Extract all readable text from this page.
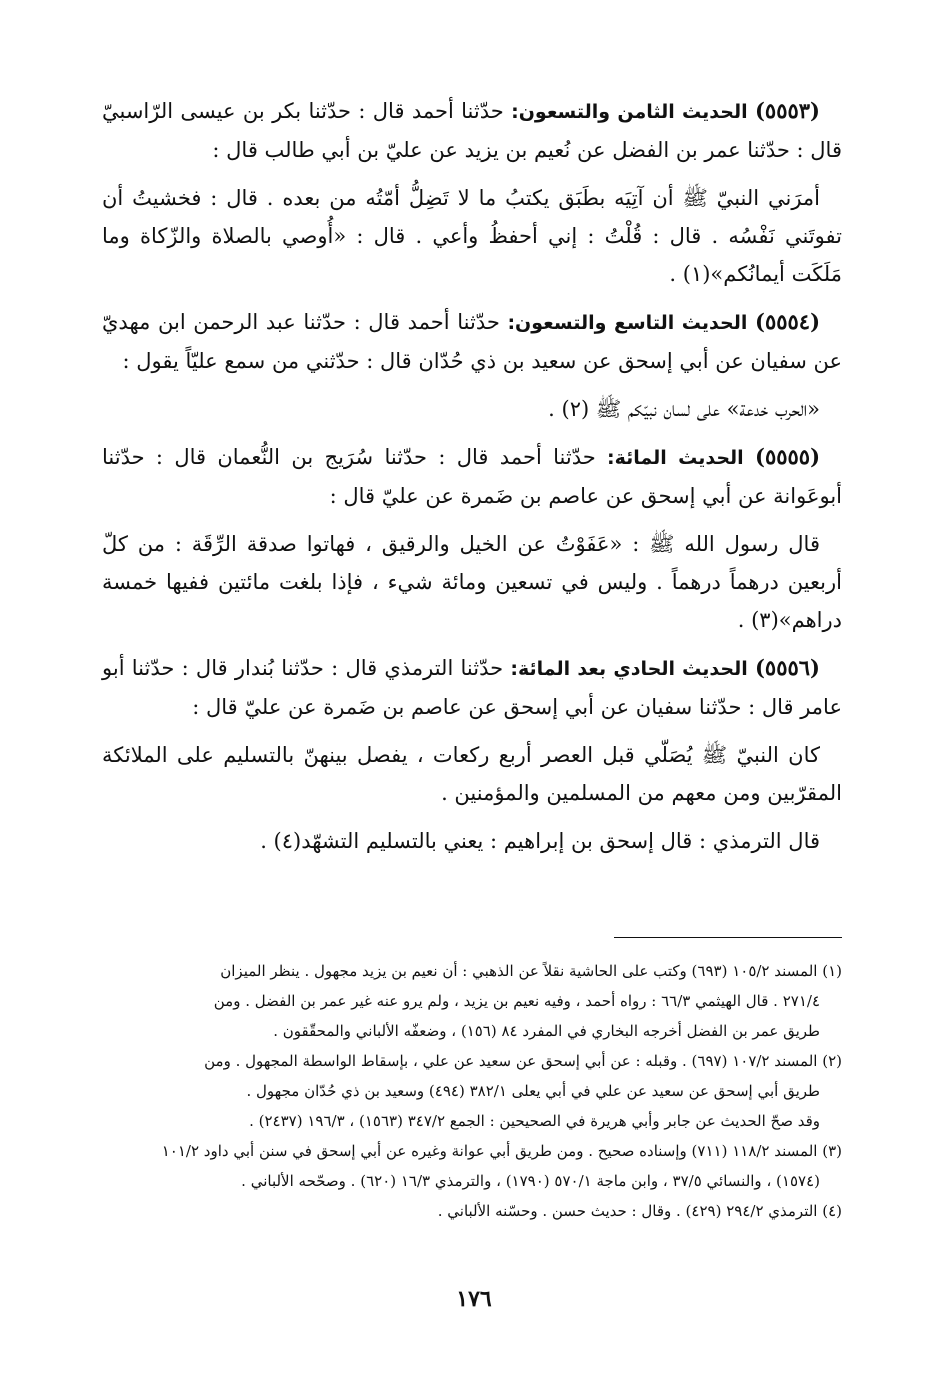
(٥٥٥٣) الحديث الثامن والتسعون: حدّثنا أحمد قال : حدّثنا بكر بن عيسى الرّاسبيّ قال : حدّثنا عمر بن الفضل عن نُعيم بن يزيد عن عليّ بن أبي طالب قال :

أمرَني النبيّ ﷺ أن آتِيَه بطَبَق يكتبُ ما لا تَضِلُّ أمّتُه من بعده . قال : فخشيتُ أن تفوتَني نَفْسُه . قال : قُلْتُ : إني أحفظُ وأعي . قال : «أُوصي بالصلاة والزّكاة وما مَلَكَت أيمانُكم»(١) .

(٥٥٥٤) الحديث التاسع والتسعون: حدّثنا أحمد قال : حدّثنا عبد الرحمن ابن مهديّ عن سفيان عن أبي إسحق عن سعيد بن ذي حُدّان قال : حدّثني من سمع عليّاً يقول :

«الحرب خدعة» على لسان نبيّكم ﷺ (٢) .

(٥٥٥٥) الحديث المائة: حدّثنا أحمد قال : حدّثنا سُرَيج بن النُّعمان قال : حدّثنا أبوعَوانة عن أبي إسحق عن عاصم بن ضَمرة عن عليّ قال :

قال رسول الله ﷺ : «عَفَوْتُ عن الخيل والرقيق ، فهاتوا صدقة الرِّقَة : من كلّ أربعين درهماً درهماً . وليس في تسعين ومائة شيء ، فإذا بلغت مائتين ففيها خمسة دراهم»(٣) .

(٥٥٥٦) الحديث الحادي بعد المائة: حدّثنا الترمذي قال : حدّثنا بُندار قال : حدّثنا أبو عامر قال : حدّثنا سفيان عن أبي إسحق عن عاصم بن ضَمرة عن عليّ قال :

كان النبيّ ﷺ يُصَلّي قبل العصر أربع ركعات ، يفصل بينهنّ بالتسليم على الملائكة المقرّبين ومن معهم من المسلمين والمؤمنين .

قال الترمذي : قال إسحق بن إبراهيم : يعني بالتسليم التشهّد(٤) .

(١) المسند ١٠٥/٢ (٦٩٣) وكتب على الحاشية نقلاً عن الذهبي : أن نعيم بن يزيد مجهول . ينظر الميزان
٢٧١/٤ . قال الهيثمي ٦٦/٣ : رواه أحمد ، وفيه نعيم بن يزيد ، ولم يرو عنه غير عمر بن الفضل . ومن
طريق عمر بن الفضل أخرجه البخاري في المفرد ٨٤ (١٥٦) ، وضعفّه الألباني والمحقّقون .

(٢) المسند ١٠٧/٢ (٦٩٧) . وقبله : عن أبي إسحق عن سعيد عن علي ، بإسقاط الواسطة المجهول . ومن
طريق أبي إسحق عن سعيد عن علي في أبي يعلى ٣٨٢/١ (٤٩٤) وسعيد بن ذي حُدّان مجهول .
وقد صحّ الحديث عن جابر وأبي هريرة في الصحيحين : الجمع ٣٤٧/٢ (١٥٦٣) ، ١٩٦/٣ (٢٤٣٧) .

(٣) المسند ١١٨/٢ (٧١١) وإسناده صحيح . ومن طريق أبي عوانة وغيره عن أبي إسحق في سنن أبي داود ١٠١/٢
(١٥٧٤) ، والنسائي ٣٧/٥ ، وابن ماجة ٥٧٠/١ (١٧٩٠) ، والترمذي ١٦/٣ (٦٢٠) . وصحّحه الألباني .

(٤) الترمذي ٢٩٤/٢ (٤٢٩) . وقال : حديث حسن . وحسّنه الألباني .

١٧٦
